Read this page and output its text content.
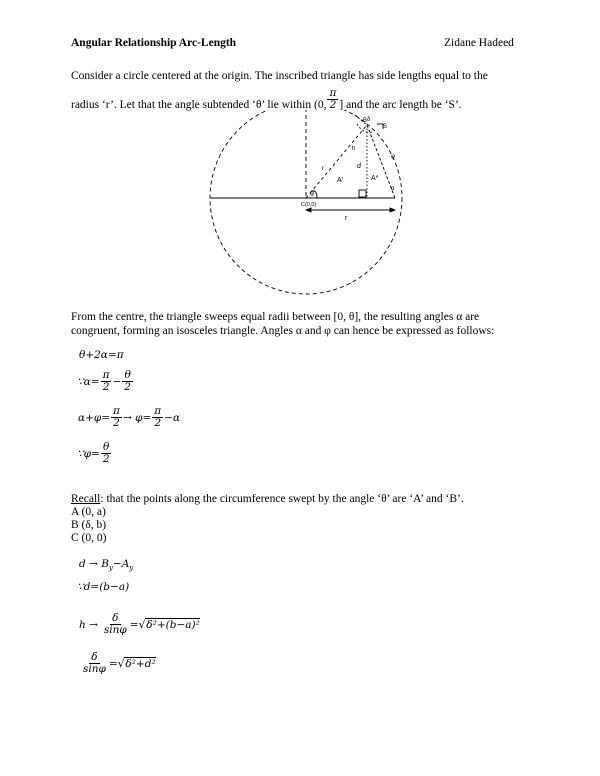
Angular Relationship Arc-Length	Zidane Hadeed
Consider a circle centered at the origin. The inscribed triangle has side lengths equal to the
radius ‘r’. Let that the angle subtended ‘θ’ lie within (0, $\frac{\pi}{2}$ ] and the arc length be ‘S’.
θ
C(0,0)
r
d
A'	A*
B δ
φ
h
S
r
α
From the centre, the triangle sweeps equal radii between [0, θ], the resulting angles α are
congruent, forming an isosceles triangle. Angles α and φ can hence be expressed as follows:
θ+2α=π
∵α= $\frac{\pi}{2} - \frac{\theta}{2}$
$\alpha+\varphi= \frac{\pi}{2} \to \varphi= \frac{\pi}{2} -\alpha$
∵φ= $\frac{\theta}{2}$
Recall: that the points along the circumference swept by the angle ‘θ’ are ‘A’ and ‘B’.
A (0, a)
B (δ, b)
C (0, 0)
$d \to B_y-A_y$
∵d=(b−a)
$h \to \frac{\delta}{\sin\varphi}$ = √ δ²+(b−a)²
$\frac{\delta}{\sin\varphi}$ = √ δ²+d²
